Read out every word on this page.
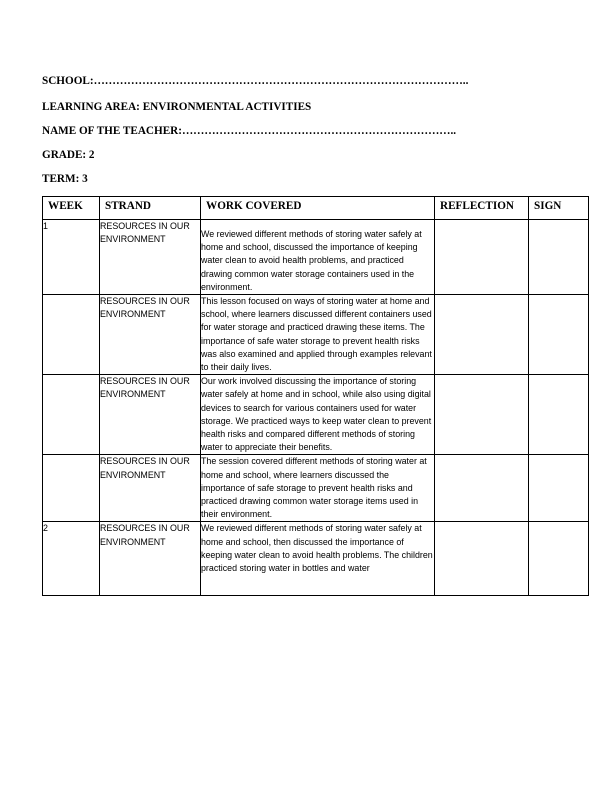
SCHOOL:………………………………………………………………………………………..
LEARNING AREA: ENVIRONMENTAL ACTIVITIES
NAME OF THE TEACHER:………………………………………………………………..
GRADE: 2
TERM: 3
WEEK	STRAND	WORK COVERED	REFLECTION	SIGN
1	RESOURCES IN OUR ENVIRONMENT	We reviewed different methods of storing water safely at home and school, discussed the importance of keeping water clean to avoid health problems, and practiced drawing common water storage containers used in the environment.		
	RESOURCES IN OUR ENVIRONMENT	This lesson focused on ways of storing water at home and school, where learners discussed different containers used for water storage and practiced drawing these items. The importance of safe water storage to prevent health risks was also examined and applied through examples relevant to their daily lives.		
	RESOURCES IN OUR ENVIRONMENT	Our work involved discussing the importance of storing water safely at home and in school, while also using digital devices to search for various containers used for water storage. We practiced ways to keep water clean to prevent health risks and compared different methods of storing water to appreciate their benefits.		
	RESOURCES IN OUR ENVIRONMENT	The session covered different methods of storing water at home and school, where learners discussed the importance of safe storage to prevent health risks and practiced drawing common water storage items used in their environment.		
2	RESOURCES IN OUR ENVIRONMENT	We reviewed different methods of storing water safely at home and school, then discussed the importance of keeping water clean to avoid health problems. The children practiced storing water in bottles and water		
